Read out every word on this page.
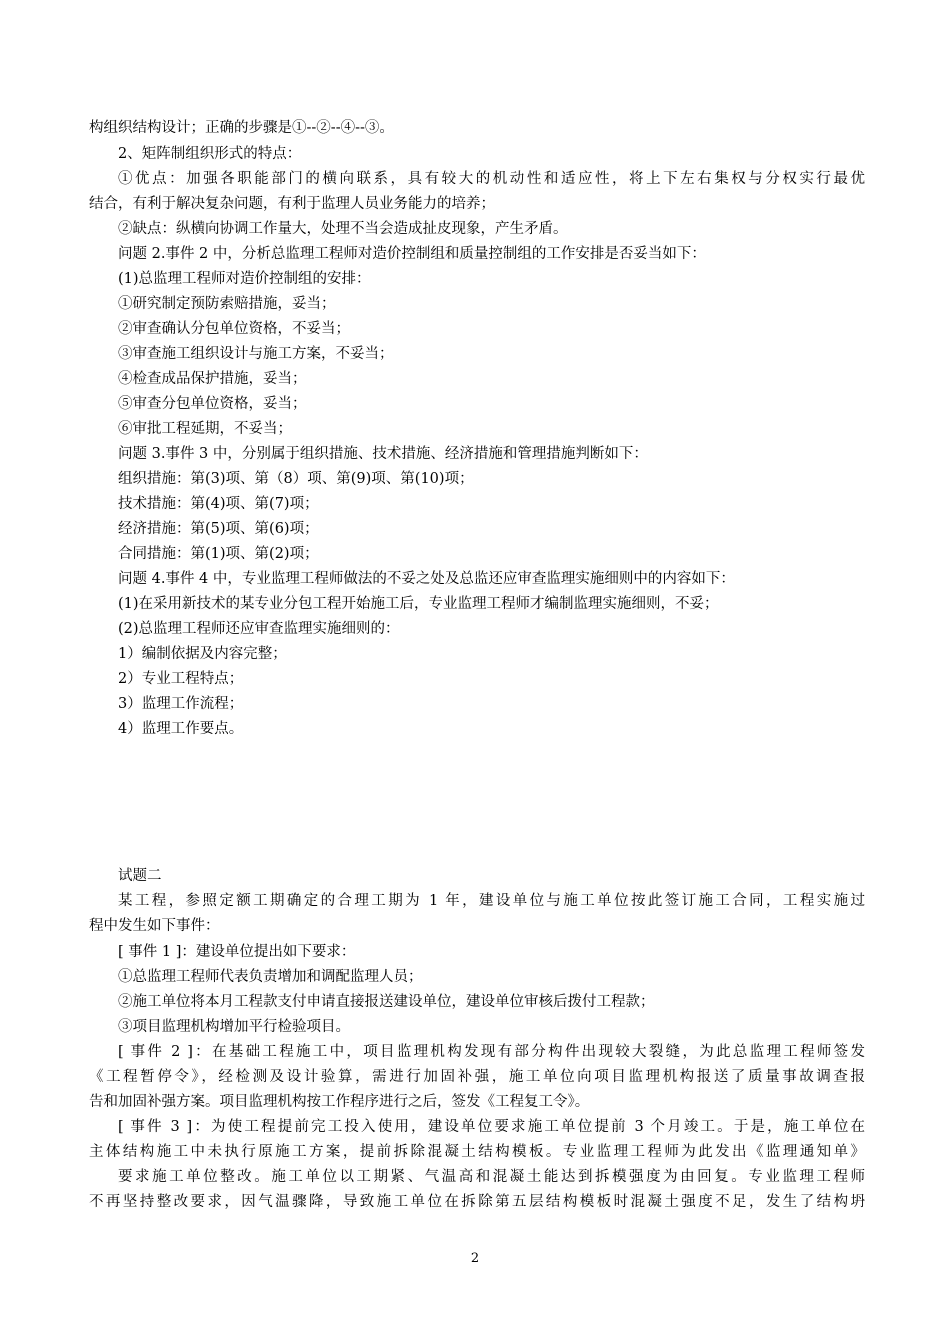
构组织结构设计；正确的步骤是①--②--④--③。
2、矩阵制组织形式的特点：
①优点：加强各职能部门的横向联系，具有较大的机动性和适应性，将上下左右集权与分权实行最优
结合，有利于解决复杂问题，有利于监理人员业务能力的培养；
②缺点：纵横向协调工作量大，处理不当会造成扯皮现象，产生矛盾。
问题 2.事件 2 中，分析总监理工程师对造价控制组和质量控制组的工作安排是否妥当如下：
(1)总监理工程师对造价控制组的安排：
①研究制定预防索赔措施，妥当；
②审查确认分包单位资格，不妥当；
③审查施工组织设计与施工方案，不妥当；
④检查成品保护措施，妥当；
⑤审查分包单位资格，妥当；
⑥审批工程延期，不妥当；
问题 3.事件 3 中，分别属于组织措施、技术措施、经济措施和管理措施判断如下：
组织措施：第(3)项、第（8）项、第(9)项、第(10)项；
技术措施：第(4)项、第(7)项；
经济措施：第(5)项、第(6)项；
合同措施：第(1)项、第(2)项；
问题 4.事件 4 中，专业监理工程师做法的不妥之处及总监还应审查监理实施细则中的内容如下：
(1)在采用新技术的某专业分包工程开始施工后，专业监理工程师才编制监理实施细则，不妥；
(2)总监理工程师还应审查监理实施细则的：
1）编制依据及内容完整；
2）专业工程特点；
3）监理工作流程；
4）监理工作要点。
试题二
某工程，参照定额工期确定的合理工期为 1 年，建设单位与施工单位按此签订施工合同，工程实施过
程中发生如下事件：
[ 事件 1 ]：建设单位提出如下要求：
①总监理工程师代表负责增加和调配监理人员；
②施工单位将本月工程款支付申请直接报送建设单位，建设单位审核后拨付工程款；
③项目监理机构增加平行检验项目。
[ 事件 2 ]：在基础工程施工中，项目监理机构发现有部分构件出现较大裂缝，为此总监理工程师签发
《工程暂停令》，经检测及设计验算，需进行加固补强，施工单位向项目监理机构报送了质量事故调查报
告和加固补强方案。项目监理机构按工作程序进行之后，签发《工程复工令》。
[ 事件 3 ]：为使工程提前完工投入使用，建设单位要求施工单位提前 3 个月竣工。于是，施工单位在
主体结构施工中未执行原施工方案，提前拆除混凝土结构模板。专业监理工程师为此发出《监理通知单》
要求施工单位整改。施工单位以工期紧、气温高和混凝土能达到拆模强度为由回复。专业监理工程师
不再坚持整改要求，因气温骤降，导致施工单位在拆除第五层结构模板时混凝土强度不足，发生了结构坍
2
